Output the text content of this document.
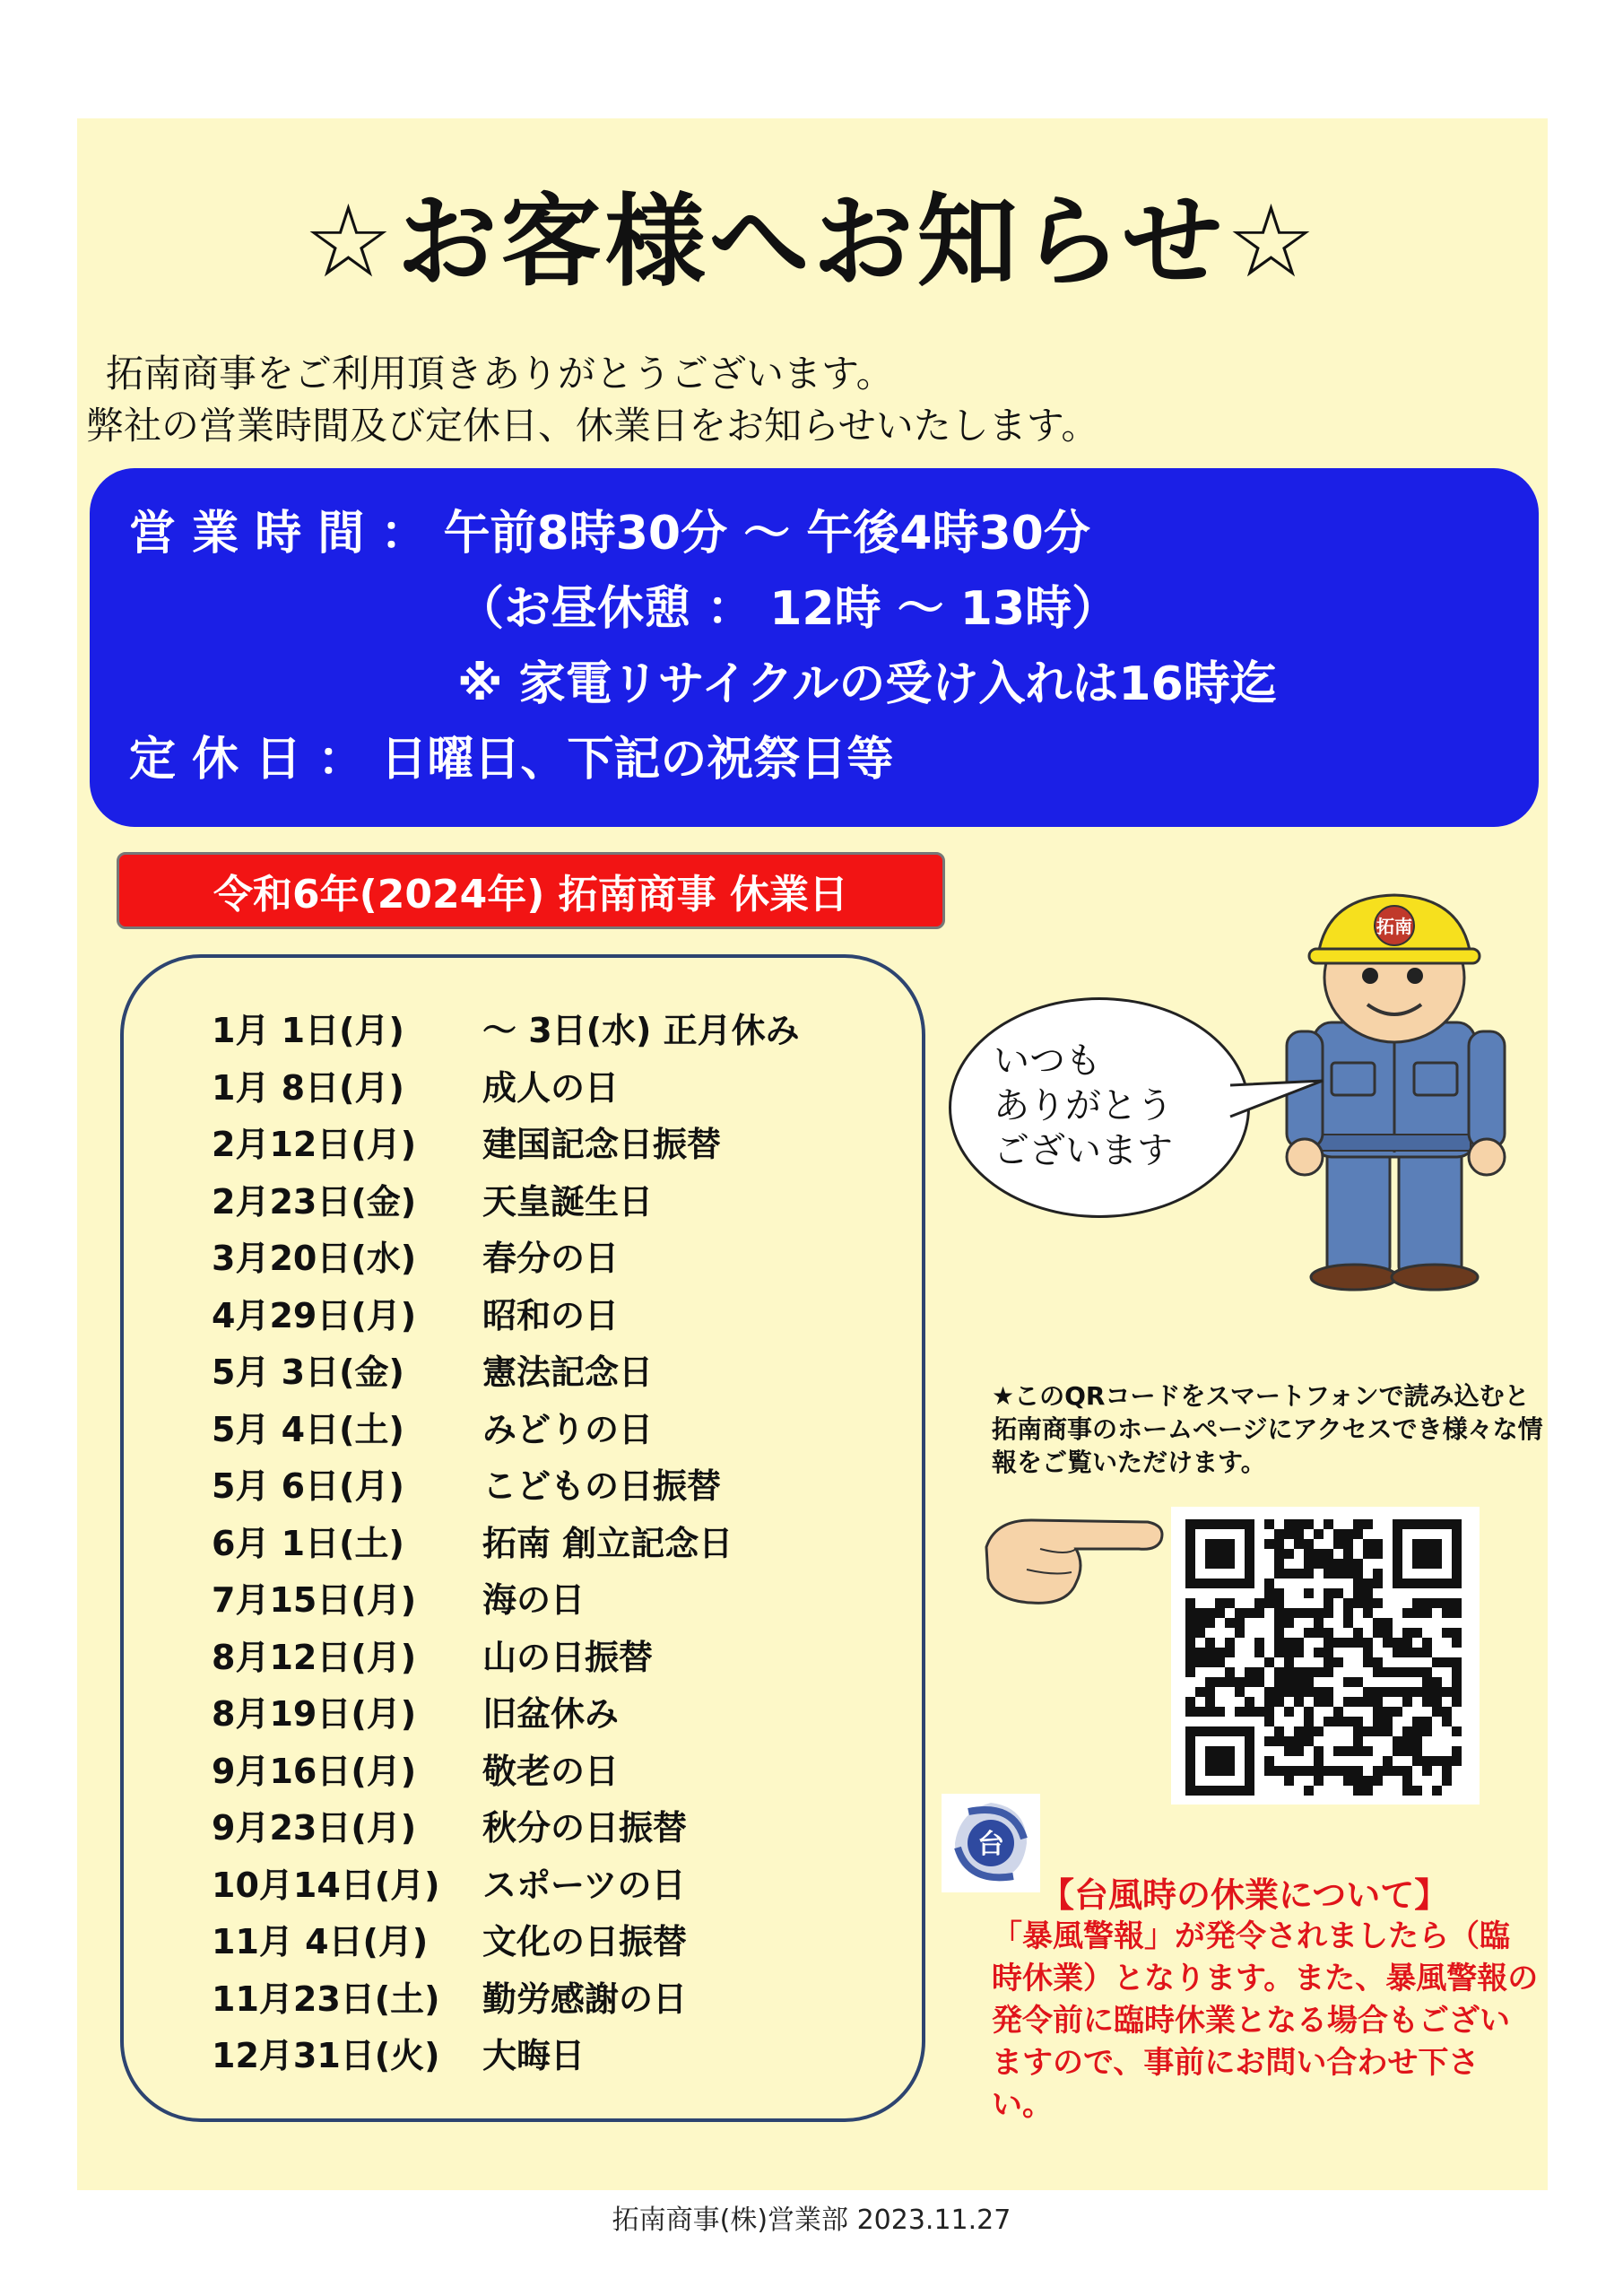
☆お客様へお知らせ☆
拓南商事をご利用頂きありがとうございます。
弊社の営業時間及び定休日、休業日をお知らせいたします。
営 業 時 間 ： 午前8時30分 ～ 午後4時30分
（お昼休憩 ： 12時 ～ 13時）
※ 家電リサイクルの受け入れは16時迄
定 休 日 ： 日曜日、下記の祝祭日等
令和6年(2024年) 拓南商事 休業日
1月 1日(月) ～ 3日(水) 正月休み
1月 8日(月) 成人の日
2月12日(月) 建国記念日振替
2月23日(金) 天皇誕生日
3月20日(水) 春分の日
4月29日(月) 昭和の日
5月 3日(金) 憲法記念日
5月 4日(土) みどりの日
5月 6日(月) こどもの日振替
6月 1日(土) 拓南 創立記念日
7月15日(月) 海の日
8月12日(月) 山の日振替
8月19日(月) 旧盆休み
9月16日(月) 敬老の日
9月23日(月) 秋分の日振替
10月14日(月) スポーツの日
11月 4日(月) 文化の日振替
11月23日(土) 勤労感謝の日
12月31日(火) 大晦日
拓南
いつも
ありがとう
ございます
★このQRコードをスマートフォンで読み込むと拓南商事のホームページにアクセスでき様々な情報をご覧いただけます。
台
【台風時の休業について】
「暴風警報」が発令されましたら（臨時休業）となります。また、暴風警報の発令前に臨時休業となる場合もございますので、事前にお問い合わせ下さい。
拓南商事(株)営業部 2023.11.27
